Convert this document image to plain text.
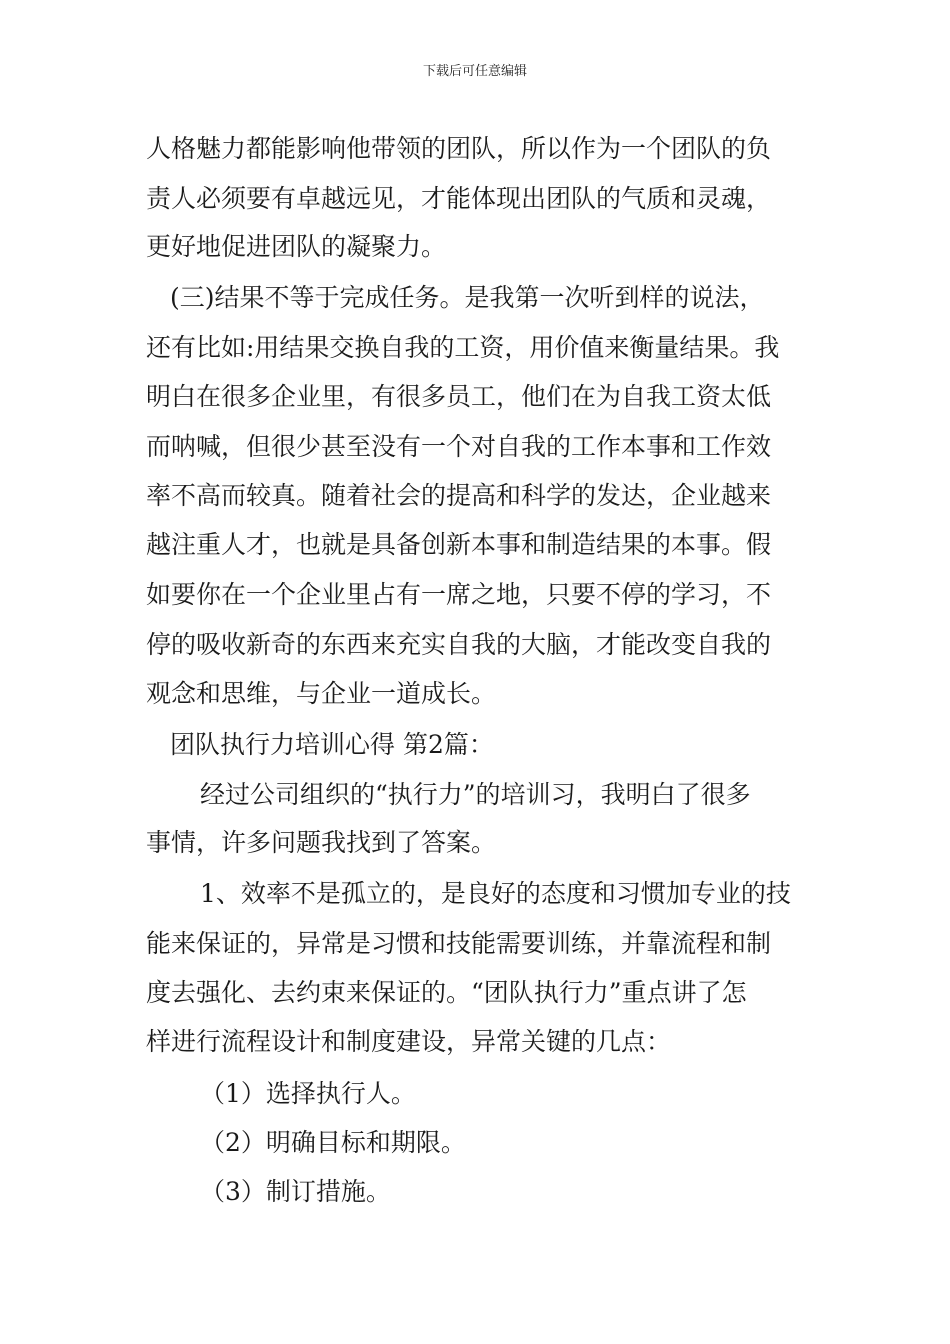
下载后可任意编辑
人格魅力都能影响他带领的团队，所以作为一个团队的负
责人必须要有卓越远见，才能体现出团队的气质和灵魂，
更好地促进团队的凝聚力。
(三)结果不等于完成任务。是我第一次听到样的说法，
还有比如:用结果交换自我的工资，用价值来衡量结果。我
明白在很多企业里，有很多员工，他们在为自我工资太低
而呐喊，但很少甚至没有一个对自我的工作本事和工作效
率不高而较真。随着社会的提高和科学的发达，企业越来
越注重人才，也就是具备创新本事和制造结果的本事。假
如要你在一个企业里占有一席之地，只要不停的学习，不
停的吸收新奇的东西来充实自我的大脑，才能改变自我的
观念和思维，与企业一道成长。
团队执行力培训心得 第2篇：
经过公司组织的“执行力”的培训习，我明白了很多
事情，许多问题我找到了答案。
1、效率不是孤立的，是良好的态度和习惯加专业的技
能来保证的，异常是习惯和技能需要训练，并靠流程和制
度去强化、去约束来保证的。“团队执行力”重点讲了怎
样进行流程设计和制度建设，异常关键的几点：
（1）选择执行人。
（2）明确目标和期限。
（3）制订措施。
